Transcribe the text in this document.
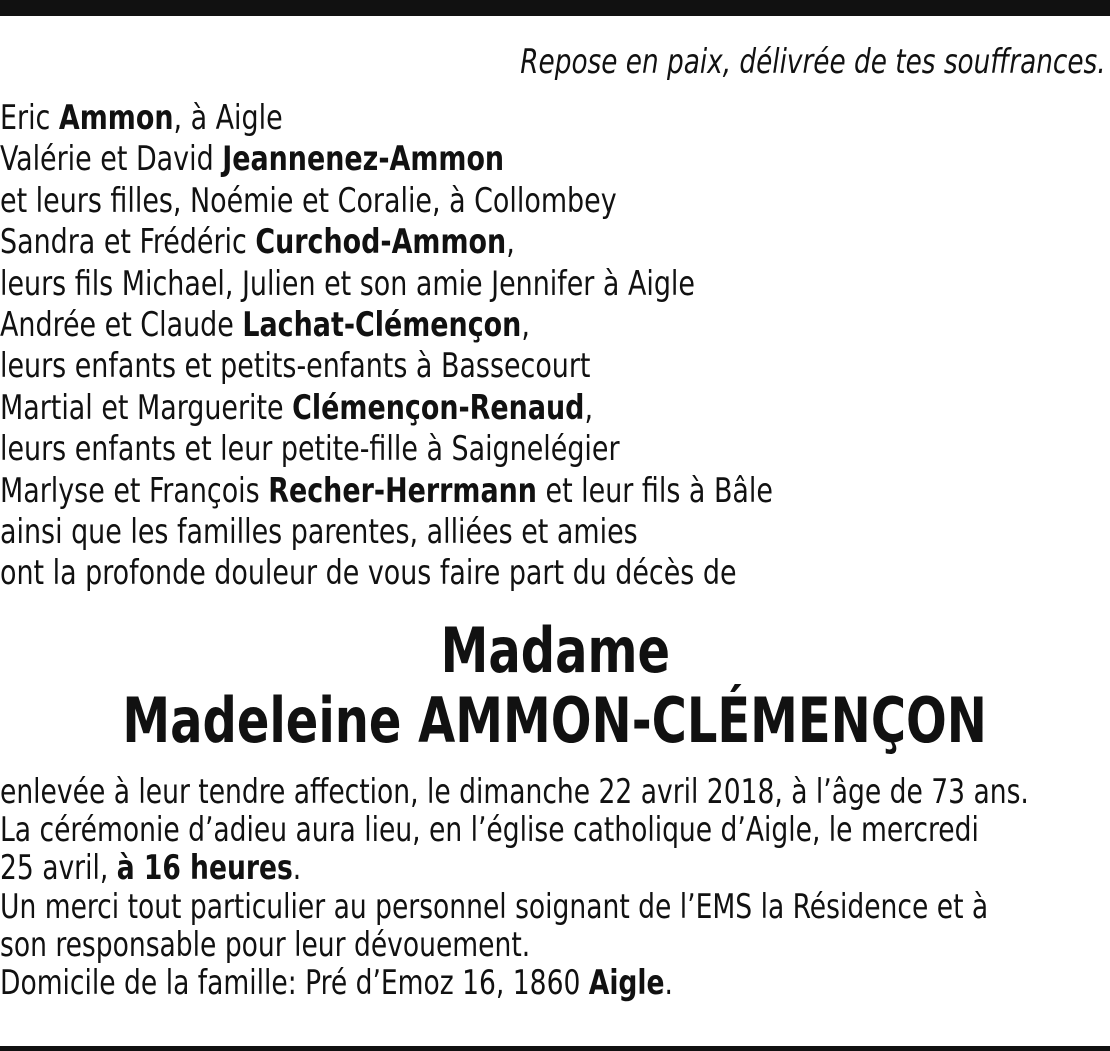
Repose en paix, délivrée de tes souffrances.
Eric Ammon, à Aigle
Valérie et David Jeannenez-Ammon
et leurs filles, Noémie et Coralie, à Collombey
Sandra et Frédéric Curchod-Ammon,
leurs fils Michael, Julien et son amie Jennifer à Aigle
Andrée et Claude Lachat-Clémençon,
leurs enfants et petits-enfants à Bassecourt
Martial et Marguerite Clémençon-Renaud,
leurs enfants et leur petite-fille à Saignelégier
Marlyse et François Recher-Herrmann et leur fils à Bâle
ainsi que les familles parentes, alliées et amies
ont la profonde douleur de vous faire part du décès de
Madame
Madeleine AMMON-CLÉMENÇON
enlevée à leur tendre affection, le dimanche 22 avril 2018, à l’âge de 73 ans.
La cérémonie d’adieu aura lieu, en l’église catholique d’Aigle, le mercredi
25 avril, à 16 heures.
Un merci tout particulier au personnel soignant de l’EMS la Résidence et à
son responsable pour leur dévouement.
Domicile de la famille: Pré d’Emoz 16, 1860 Aigle.
